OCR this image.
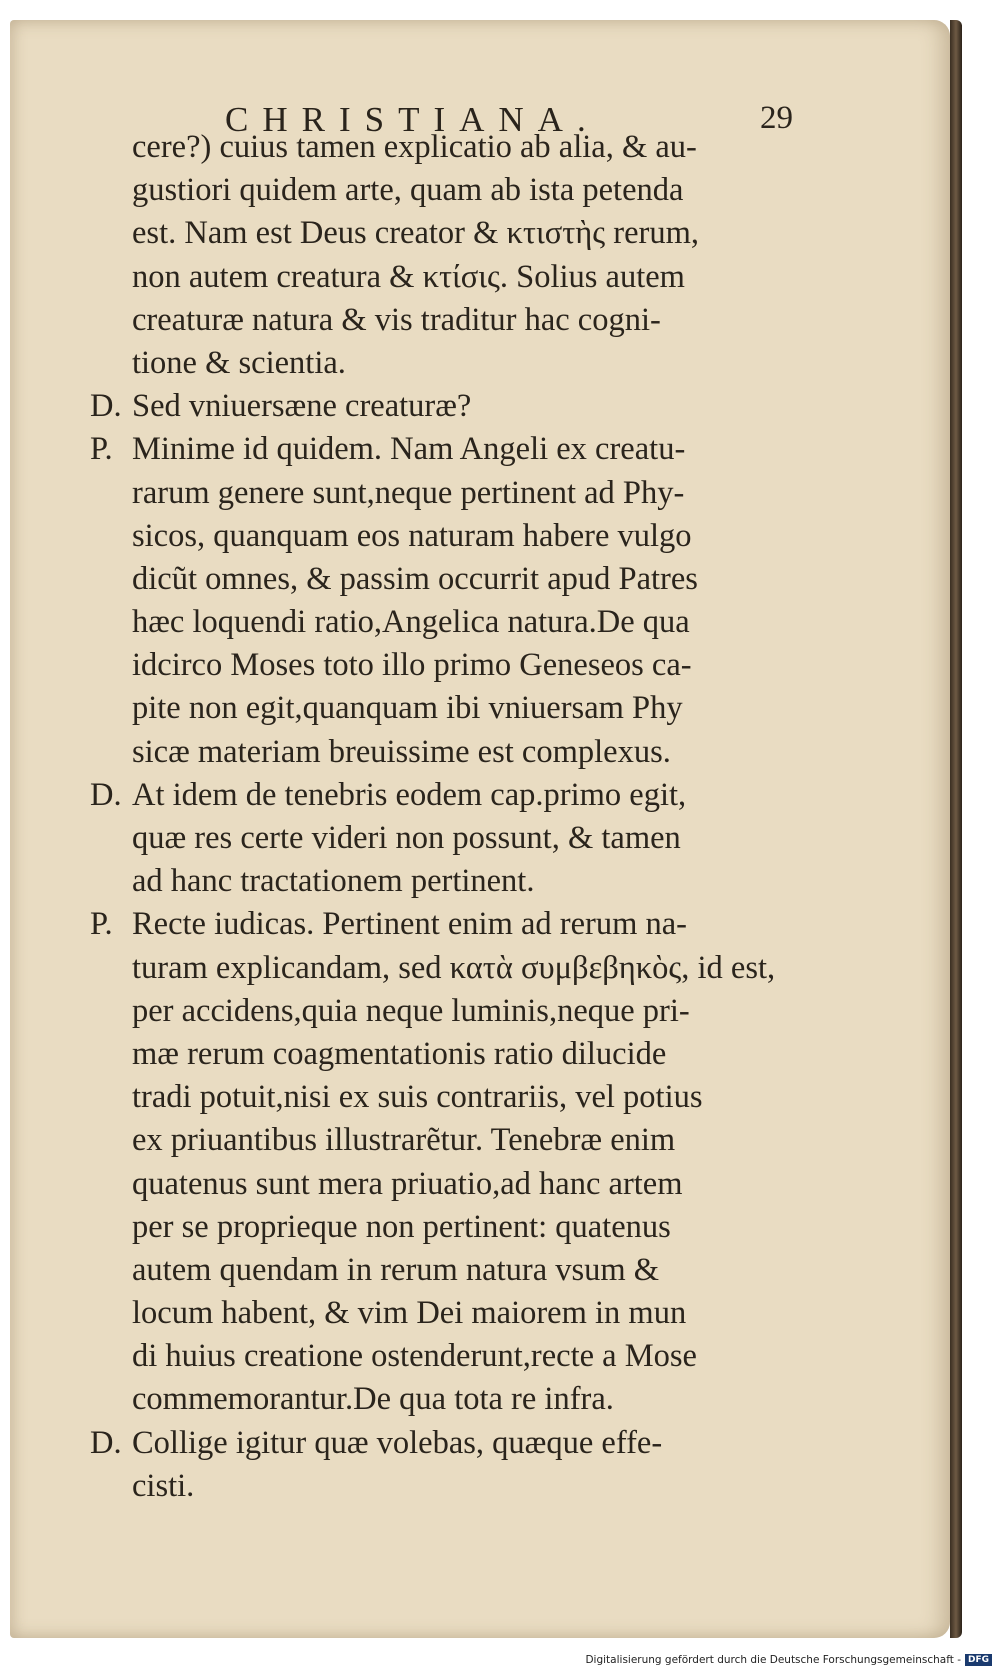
CHRISTIANA.	29
cere?) cuius tamen explicatio ab alia, & au-
gustiori quidem arte, quam ab ista petenda
est. Nam est Deus creator & κτιστὴς rerum,
non autem creatura & κτίσις. Solius autem
creaturæ natura & vis traditur hac cogni-
tione & scientia.
D. Sed vniuersæne creaturæ?
P. Minime id quidem. Nam Angeli ex creatu-
rarum genere sunt,neque pertinent ad Phy-
sicos, quanquam eos naturam habere vulgo
dicũt omnes, & passim occurrit apud Patres
hæc loquendi ratio,Angelica natura.De qua
idcirco Moses toto illo primo Geneseos ca-
pite non egit,quanquam ibi vniuersam Phy
sicæ materiam breuissime est complexus.
D. At idem de tenebris eodem cap.primo egit,
quæ res certe videri non possunt, & tamen
ad hanc tractationem pertinent.
P. Recte iudicas. Pertinent enim ad rerum na-
turam explicandam, sed κατὰ συμβεβηκὸς, id est,
per accidens,quia neque luminis,neque pri-
mæ rerum coagmentationis ratio dilucide
tradi potuit,nisi ex suis contrariis, vel potius
ex priuantibus illustrarẽtur. Tenebræ enim
quatenus sunt mera priuatio,ad hanc artem
per se proprieque non pertinent: quatenus
autem quendam in rerum natura vsum &
locum habent, & vim Dei maiorem in mun
di huius creatione ostenderunt,recte a Mose
commemorantur.De qua tota re infra.
D. Collige igitur quæ volebas, quæque effe-
cisti.
Digitalisierung gefördert durch die Deutsche Forschungsgemeinschaft - DFG
